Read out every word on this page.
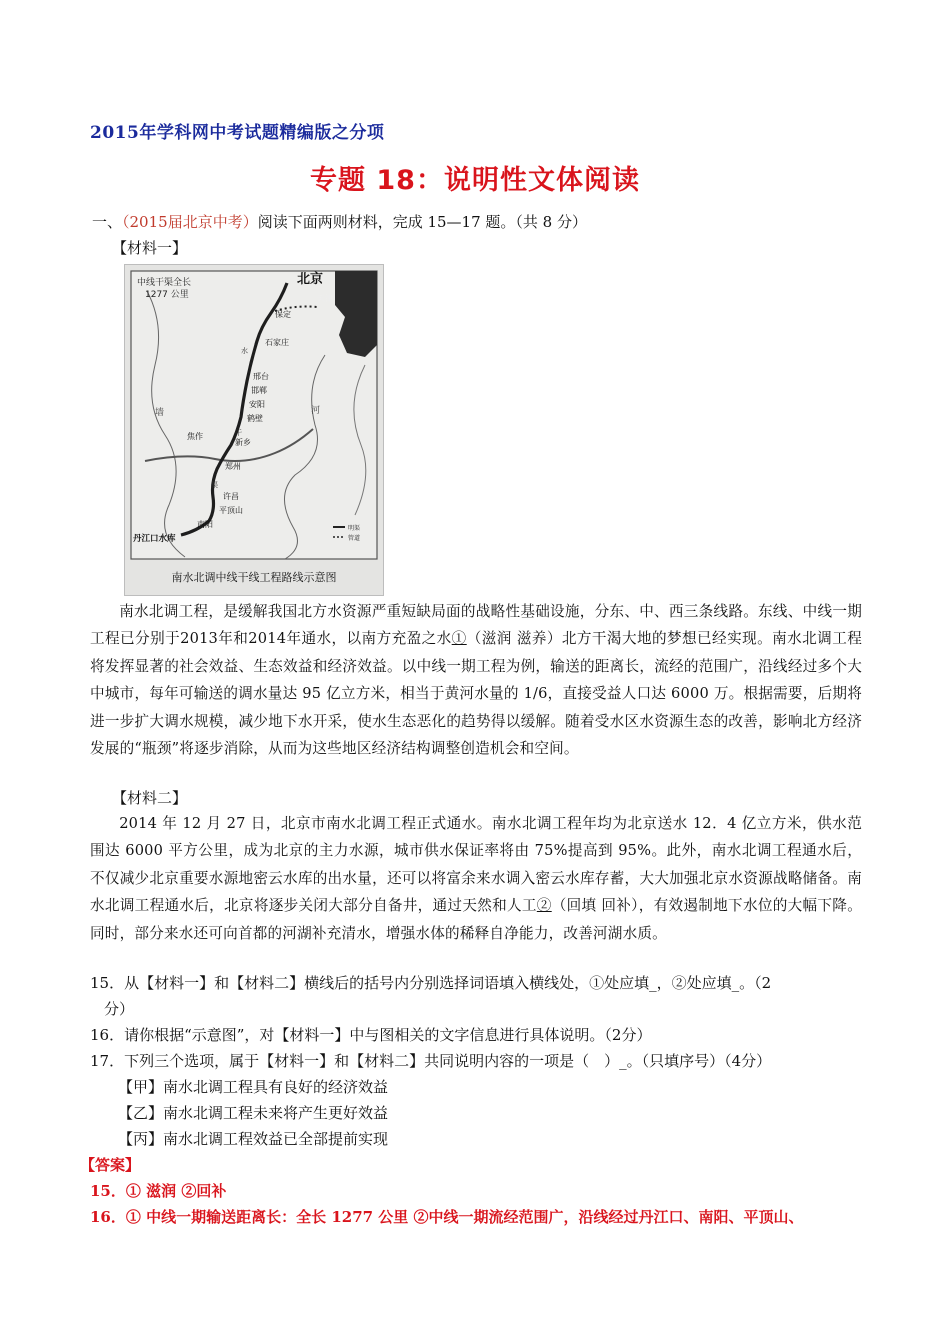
2015年学科网中考试题精编版之分项
专题 18：说明性文体阅读
一、（2015届北京中考）阅读下面两则材料，完成 15—17 题。（共 8 分）
【材料一】
中线干渠全长
1277 公里
北京
天津
保定
石家庄
邢台
邯郸
安阳
鹤壁
焦作
新乡
郑州
许昌
平顶山
南阳
丹江口水库
水
干
渠
墙	河
明渠
管道
南水北调中线干线工程路线示意图
南水北调工程，是缓解我国北方水资源严重短缺局面的战略性基础设施，分东、中、西三条线路。东线、中线一期工程已分别于2013年和2014年通水，以南方充盈之水①（滋润 滋养）北方干渴大地的梦想已经实现。南水北调工程将发挥显著的社会效益、生态效益和经济效益。以中线一期工程为例，输送的距离长，流经的范围广，沿线经过多个大中城市，每年可输送的调水量达 95 亿立方米，相当于黄河水量的 1/6，直接受益人口达 6000 万。根据需要，后期将进一步扩大调水规模，减少地下水开采，使水生态恶化的趋势得以缓解。随着受水区水资源生态的改善，影响北方经济发展的“瓶颈”将逐步消除，从而为这些地区经济结构调整创造机会和空间。
【材料二】
2014 年 12 月 27 日，北京市南水北调工程正式通水。南水北调工程年均为北京送水 12．4 亿立方米，供水范围达 6000 平方公里，成为北京的主力水源，城市供水保证率将由 75%提高到 95%。此外，南水北调工程通水后，不仅减少北京重要水源地密云水库的出水量，还可以将富余来水调入密云水库存蓄，大大加强北京水资源战略储备。南水北调工程通水后，北京将逐步关闭大部分自备井，通过天然和人工②（回填 回补），有效遏制地下水位的大幅下降。同时，部分来水还可向首都的河湖补充清水，增强水体的稀释自净能力，改善河湖水质。
15．从【材料一】和【材料二】横线后的括号内分别选择词语填入横线处，①处应填_，②处应填_。（2
分）
16．请你根据“示意图”，对【材料一】中与图相关的文字信息进行具体说明。（2分）
17．下列三个选项，属于【材料一】和【材料二】共同说明内容的一项是（　）_。（只填序号）（4分）
【甲】南水北调工程具有良好的经济效益
【乙】南水北调工程未来将产生更好效益
【丙】南水北调工程效益已全部提前实现
【答案】
15．① 滋润 ②回补
16．① 中线一期输送距离长：全长 1277 公里 ②中线一期流经范围广，沿线经过丹江口、南阳、平顶山、
